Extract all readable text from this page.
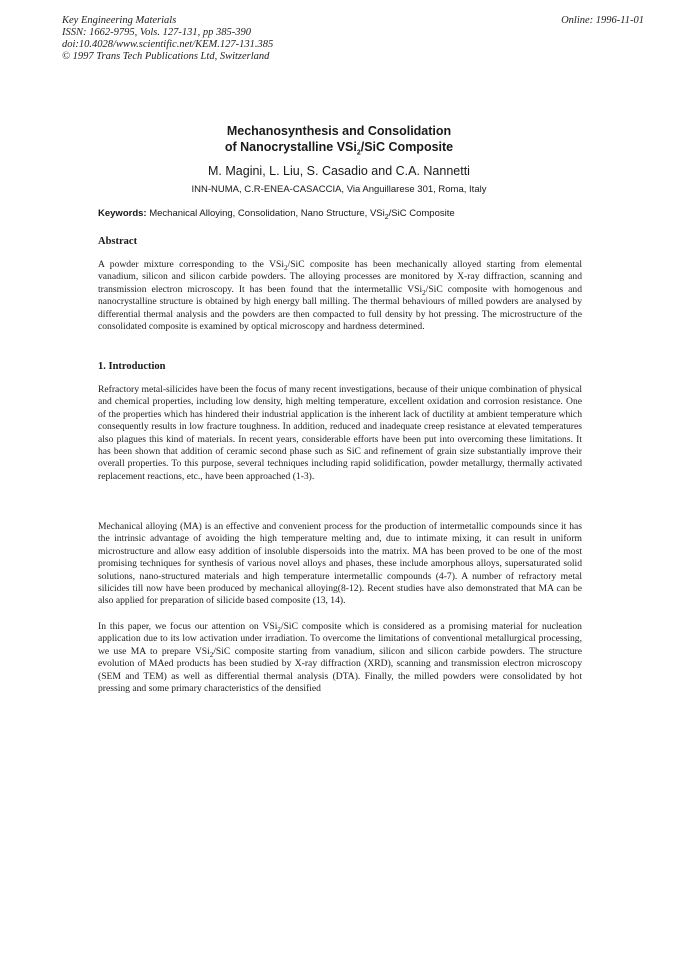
Key Engineering Materials
ISSN: 1662-9795, Vols. 127-131, pp 385-390
doi:10.4028/www.scientific.net/KEM.127-131.385
© 1997 Trans Tech Publications Ltd, Switzerland
Online: 1996-11-01
Mechanosynthesis and Consolidation
of Nanocrystalline VSi$_2$/SiC Composite
M. Magini, L. Liu, S. Casadio and C.A. Nannetti
INN-NUMA, C.R-ENEA-CASACCIA, Via Anguillarese 301, Roma, Italy
Keywords: Mechanical Alloying, Consolidation, Nano Structure, VSi$_2$/SiC Composite
Abstract
A powder mixture corresponding to the VSi$_2$/SiC composite has been mechanically alloyed starting from elemental vanadium, silicon and silicon carbide powders. The alloying processes are monitored by X-ray diffraction, scanning and transmission electron microscopy. It has been found that the intermetallic VSi$_2$/SiC composite with homogenous and nanocrystalline structure is obtained by high energy ball milling. The thermal behaviours of milled powders are analysed by differential thermal analysis and the powders are then compacted to full density by hot pressing. The microstructure of the consolidated composite is examined by optical microscopy and hardness determined.
1. Introduction
Refractory metal-silicides have been the focus of many recent investigations, because of their unique combination of physical and chemical properties, including low density, high melting temperature, excellent oxidation and corrosion resistance. One of the properties which has hindered their industrial application is the inherent lack of ductility at ambient temperature which consequently results in low fracture toughness. In addition, reduced and inadequate creep resistance at elevated temperatures also plagues this kind of materials. In recent years, considerable efforts have been put into overcoming these limitations. It has been shown that addition of ceramic second phase such as SiC and refinement of grain size substantially improve their overall properties. To this purpose, several techniques including rapid solidification, powder metallurgy, thermally activated replacement reactions, etc., have been approached (1-3).
Mechanical alloying (MA) is an effective and convenient process for the production of intermetallic compounds since it has the intrinsic advantage of avoiding the high temperature melting and, due to intimate mixing, it can result in uniform microstructure and allow easy addition of insoluble dispersoids into the matrix. MA has been proved to be one of the most promising techniques for synthesis of various novel alloys and phases, these include amorphous alloys, supersaturated solid solutions, nano-structured materials and high temperature intermetallic compounds (4-7). A number of refractory metal silicides till now have been produced by mechanical alloying(8-12). Recent studies have also demonstrated that MA can be also applied for preparation of silicide based composite (13, 14).
In this paper, we focus our attention on VSi$_2$/SiC composite which is considered as a promising material for nucleation application due to its low activation under irradiation. To overcome the limitations of conventional metallurgical processing, we use MA to prepare VSi$_2$/SiC composite starting from vanadium, silicon and silicon carbide powders. The structure evolution of MAed products has been studied by X-ray diffraction (XRD), scanning and transmission electron microscopy (SEM and TEM) as well as differential thermal analysis (DTA). Finally, the milled powders were consolidated by hot pressing and some primary characteristics of the densified
